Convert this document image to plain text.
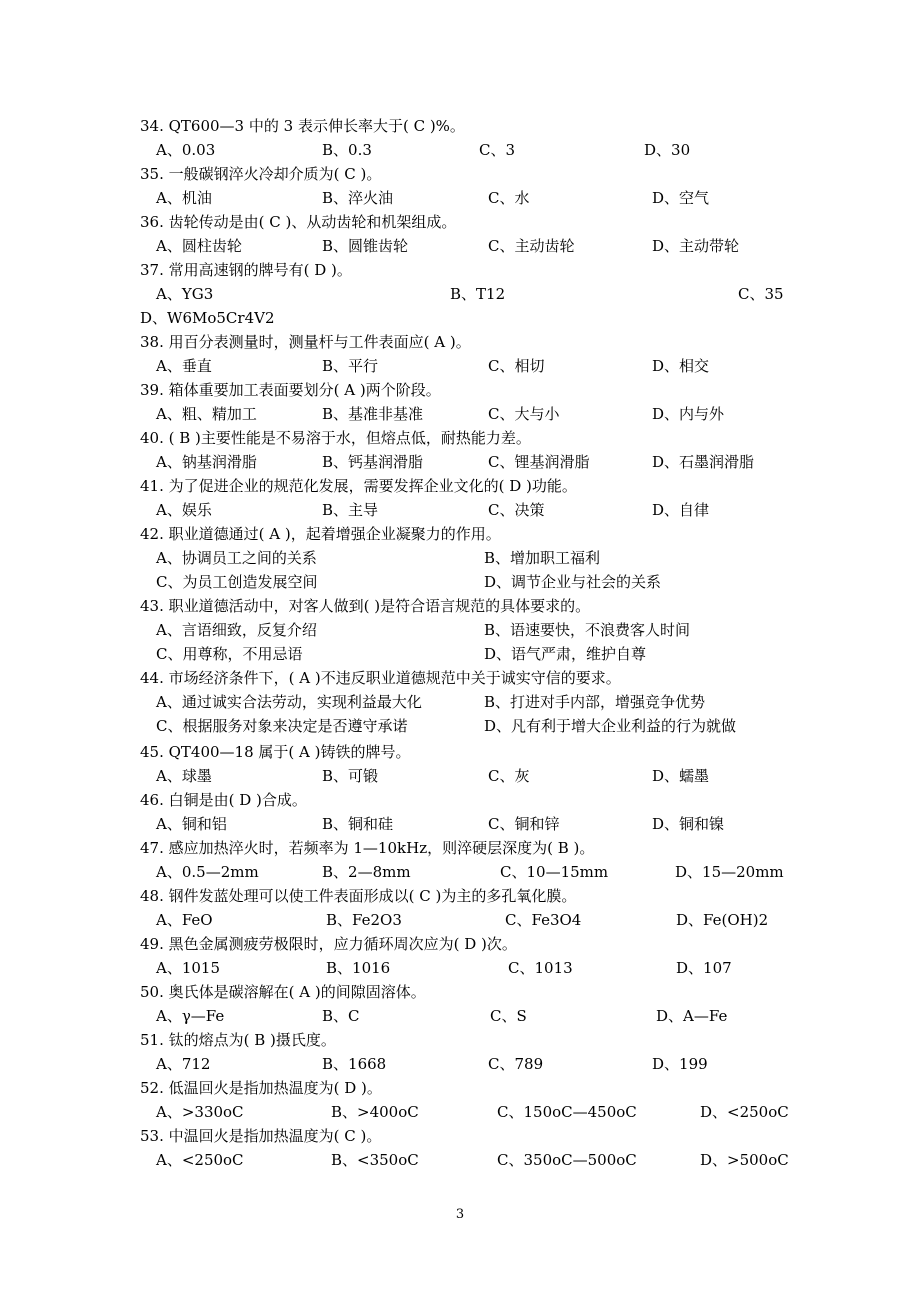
34. QT600—3 中的 3 表示伸长率大于( C )%。
A、0.03	B、0.3	C、3	D、30
35. 一般碳钢淬火冷却介质为( C )。
A、机油	B、淬火油	C、水	D、空气
36. 齿轮传动是由( C )、从动齿轮和机架组成。
A、圆柱齿轮	B、圆锥齿轮	C、主动齿轮	D、主动带轮
37. 常用高速钢的牌号有( D )。
A、YG3	B、T12	C、35
D、W6Mo5Cr4V2
38. 用百分表测量时，测量杆与工件表面应( A )。
A、垂直	B、平行	C、相切	D、相交
39. 箱体重要加工表面要划分( A )两个阶段。
A、粗、精加工	B、基准非基准	C、大与小	D、内与外
40. ( B )主要性能是不易溶于水，但熔点低，耐热能力差。
A、钠基润滑脂	B、钙基润滑脂	C、锂基润滑脂	D、石墨润滑脂
41. 为了促进企业的规范化发展，需要发挥企业文化的( D )功能。
A、娱乐	B、主导	C、决策	D、自律
42. 职业道德通过( A )，起着增强企业凝聚力的作用。
A、协调员工之间的关系	B、增加职工福利
C、为员工创造发展空间	D、调节企业与社会的关系
43. 职业道德活动中，对客人做到( )是符合语言规范的具体要求的。
A、言语细致，反复介绍	B、语速要快，不浪费客人时间
C、用尊称，不用忌语	D、语气严肃，维护自尊
44. 市场经济条件下，( A )不违反职业道德规范中关于诚实守信的要求。
A、通过诚实合法劳动，实现利益最大化	B、打进对手内部，增强竞争优势
C、根据服务对象来决定是否遵守承诺	D、凡有利于增大企业利益的行为就做
45. QT400—18 属于( A )铸铁的牌号。
A、球墨	B、可锻	C、灰	D、蠕墨
46. 白铜是由( D )合成。
A、铜和铝	B、铜和硅	C、铜和锌	D、铜和镍
47. 感应加热淬火时，若频率为 1—10kHz，则淬硬层深度为( B )。
A、0.5—2mm	B、2—8mm	C、10—15mm	D、15—20mm
48. 钢件发蓝处理可以使工件表面形成以( C )为主的多孔氧化膜。
A、FeO	B、Fe2O3	C、Fe3O4	D、Fe(OH)2
49. 黑色金属测疲劳极限时，应力循环周次应为( D )次。
A、1015	B、1016	C、1013	D、107
50. 奥氏体是碳溶解在( A )的间隙固溶体。
A、γ—Fe	B、C	C、S	D、A—Fe
51. 钛的熔点为( B )摄氏度。
A、712	B、1668	C、789	D、199
52. 低温回火是指加热温度为( D )。
A、>330oC	B、>400oC	C、150oC—450oC	D、<250oC
53. 中温回火是指加热温度为( C )。
A、<250oC	B、<350oC	C、350oC—500oC	D、>500oC
3
